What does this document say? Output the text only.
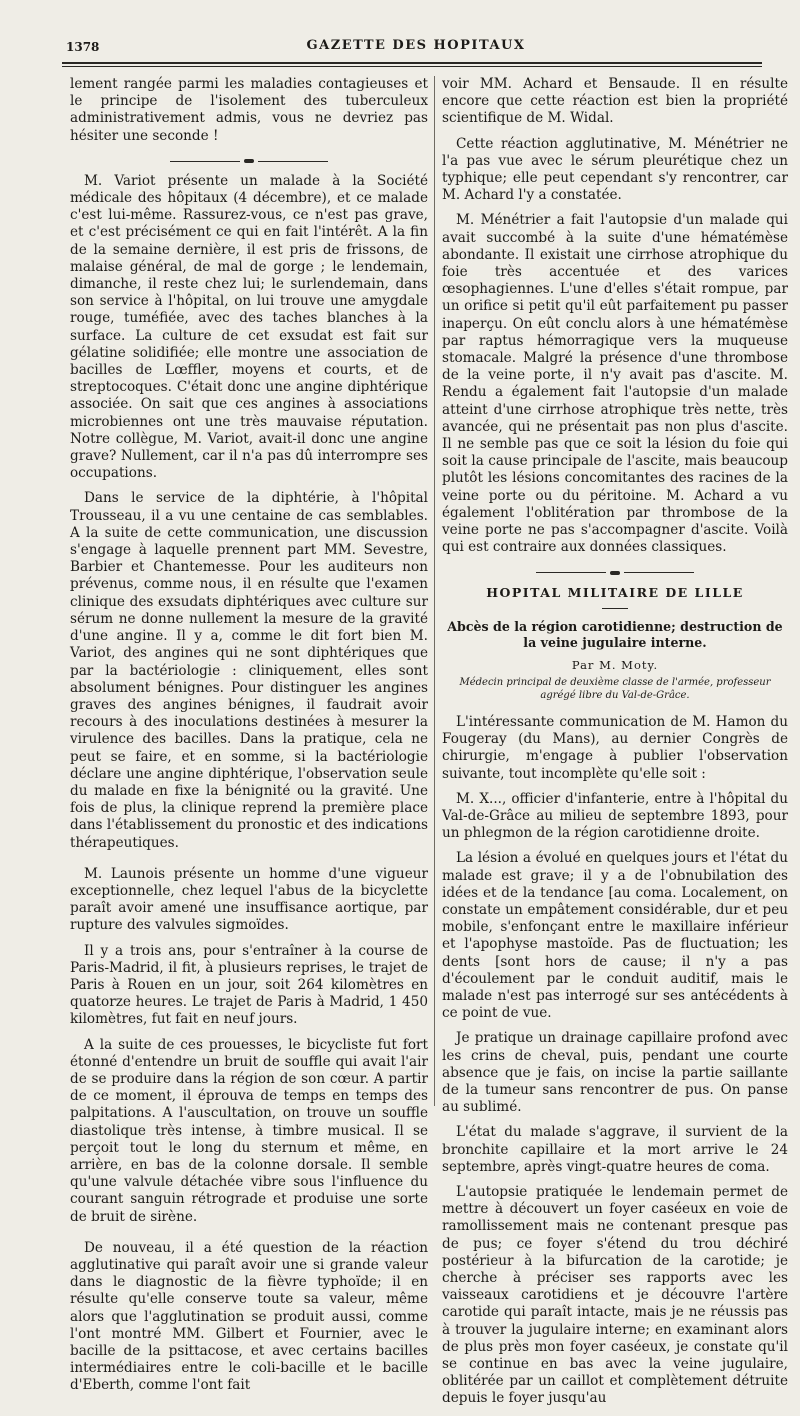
1378	GAZETTE DES HOPITAUX

lement rangée parmi les maladies contagieuses et le principe de l'isolement des tuberculeux administrativement admis, vous ne devriez pas hésiter une seconde !

M. Variot présente un malade à la Société médicale des hôpitaux (4 décembre), et ce malade c'est lui-même. Rassurez-vous, ce n'est pas grave, et c'est précisément ce qui en fait l'intérêt. A la fin de la semaine dernière, il est pris de frissons, de malaise général, de mal de gorge ; le lendemain, dimanche, il reste chez lui; le surlendemain, dans son service à l'hôpital, on lui trouve une amygdale rouge, tuméfiée, avec des taches blanches à la surface. La culture de cet exsudat est fait sur gélatine solidifiée; elle montre une association de bacilles de Lœffler, moyens et courts, et de streptocoques. C'était donc une angine diphtérique associée. On sait que ces angines à associations microbiennes ont une très mauvaise réputation. Notre collègue, M. Variot, avait-il donc une angine grave? Nullement, car il n'a pas dû interrompre ses occupations.

Dans le service de la diphtérie, à l'hôpital Trousseau, il a vu une centaine de cas semblables. A la suite de cette communication, une discussion s'engage à laquelle prennent part MM. Sevestre, Barbier et Chantemesse. Pour les auditeurs non prévenus, comme nous, il en résulte que l'examen clinique des exsudats diphtériques avec culture sur sérum ne donne nullement la mesure de la gravité d'une angine. Il y a, comme le dit fort bien M. Variot, des angines qui ne sont diphtériques que par la bactériologie : cliniquement, elles sont absolument bénignes. Pour distinguer les angines graves des angines bénignes, il faudrait avoir recours à des inoculations destinées à mesurer la virulence des bacilles. Dans la pratique, cela ne peut se faire, et en somme, si la bactériologie déclare une angine diphtérique, l'observation seule du malade en fixe la bénignité ou la gravité. Une fois de plus, la clinique reprend la première place dans l'établissement du pronostic et des indications thérapeutiques.

M. Launois présente un homme d'une vigueur exceptionnelle, chez lequel l'abus de la bicyclette paraît avoir amené une insuffisance aortique, par rupture des valvules sigmoïdes.

Il y a trois ans, pour s'entraîner à la course de Paris-Madrid, il fit, à plusieurs reprises, le trajet de Paris à Rouen en un jour, soit 264 kilomètres en quatorze heures. Le trajet de Paris à Madrid, 1 450 kilomètres, fut fait en neuf jours.

A la suite de ces prouesses, le bicycliste fut fort étonné d'entendre un bruit de souffle qui avait l'air de se produire dans la région de son cœur. A partir de ce moment, il éprouva de temps en temps des palpitations. A l'auscultation, on trouve un souffle diastolique très intense, à timbre musical. Il se perçoit tout le long du sternum et même, en arrière, en bas de la colonne dorsale. Il semble qu'une valvule détachée vibre sous l'influence du courant sanguin rétrograde et produise une sorte de bruit de sirène.

De nouveau, il a été question de la réaction agglutinative qui paraît avoir une si grande valeur dans le diagnostic de la fièvre typhoïde; il en résulte qu'elle conserve toute sa valeur, même alors que l'agglutination se produit aussi, comme l'ont montré MM. Gilbert et Fournier, avec le bacille de la psittacose, et avec certains bacilles intermédiaires entre le coli-bacille et le bacille d'Eberth, comme l'ont fait

voir MM. Achard et Bensaude. Il en résulte encore que cette réaction est bien la propriété scientifique de M. Widal.

Cette réaction agglutinative, M. Ménétrier ne l'a pas vue avec le sérum pleurétique chez un typhique; elle peut cependant s'y rencontrer, car M. Achard l'y a constatée.

M. Ménétrier a fait l'autopsie d'un malade qui avait succombé à la suite d'une hématémèse abondante. Il existait une cirrhose atrophique du foie très accentuée et des varices œsophagiennes. L'une d'elles s'était rompue, par un orifice si petit qu'il eût parfaitement pu passer inaperçu. On eût conclu alors à une hématémèse par raptus hémorragique vers la muqueuse stomacale. Malgré la présence d'une thrombose de la veine porte, il n'y avait pas d'ascite. M. Rendu a également fait l'autopsie d'un malade atteint d'une cirrhose atrophique très nette, très avancée, qui ne présentait pas non plus d'ascite. Il ne semble pas que ce soit la lésion du foie qui soit la cause principale de l'ascite, mais beaucoup plutôt les lésions concomitantes des racines de la veine porte ou du péritoine. M. Achard a vu également l'oblitération par thrombose de la veine porte ne pas s'accompagner d'ascite. Voilà qui est contraire aux données classiques.

HOPITAL MILITAIRE DE LILLE
Abcès de la région carotidienne; destruction de la veine jugulaire interne.
Par M. Moty.
Médecin principal de deuxième classe de l'armée, professeur agrégé libre du Val-de-Grâce.

L'intéressante communication de M. Hamon du Fougeray (du Mans), au dernier Congrès de chirurgie, m'engage à publier l'observation suivante, tout incomplète qu'elle soit :

M. X..., officier d'infanterie, entre à l'hôpital du Val-de-Grâce au milieu de septembre 1893, pour un phlegmon de la région carotidienne droite.

La lésion a évolué en quelques jours et l'état du malade est grave; il y a de l'obnubilation des idées et de la tendance [au coma. Localement, on constate un empâtement considérable, dur et peu mobile, s'enfonçant entre le maxillaire inférieur et l'apophyse mastoïde. Pas de fluctuation; les dents [sont hors de cause; il n'y a pas d'écoulement par le conduit auditif, mais le malade n'est pas interrogé sur ses antécédents à ce point de vue.

Je pratique un drainage capillaire profond avec les crins de cheval, puis, pendant une courte absence que je fais, on incise la partie saillante de la tumeur sans rencontrer de pus. On panse au sublimé.

L'état du malade s'aggrave, il survient de la bronchite capillaire et la mort arrive le 24 septembre, après vingt-quatre heures de coma.

L'autopsie pratiquée le lendemain permet de mettre à découvert un foyer caséeux en voie de ramollissement mais ne contenant presque pas de pus; ce foyer s'étend du trou déchiré postérieur à la bifurcation de la carotide; je cherche à préciser ses rapports avec les vaisseaux carotidiens et je découvre l'artère carotide qui paraît intacte, mais je ne réussis pas à trouver la jugulaire interne; en examinant alors de plus près mon foyer caséeux, je constate qu'il se continue en bas avec la veine jugulaire, oblitérée par un caillot et complètement détruite depuis le foyer jusqu'au
